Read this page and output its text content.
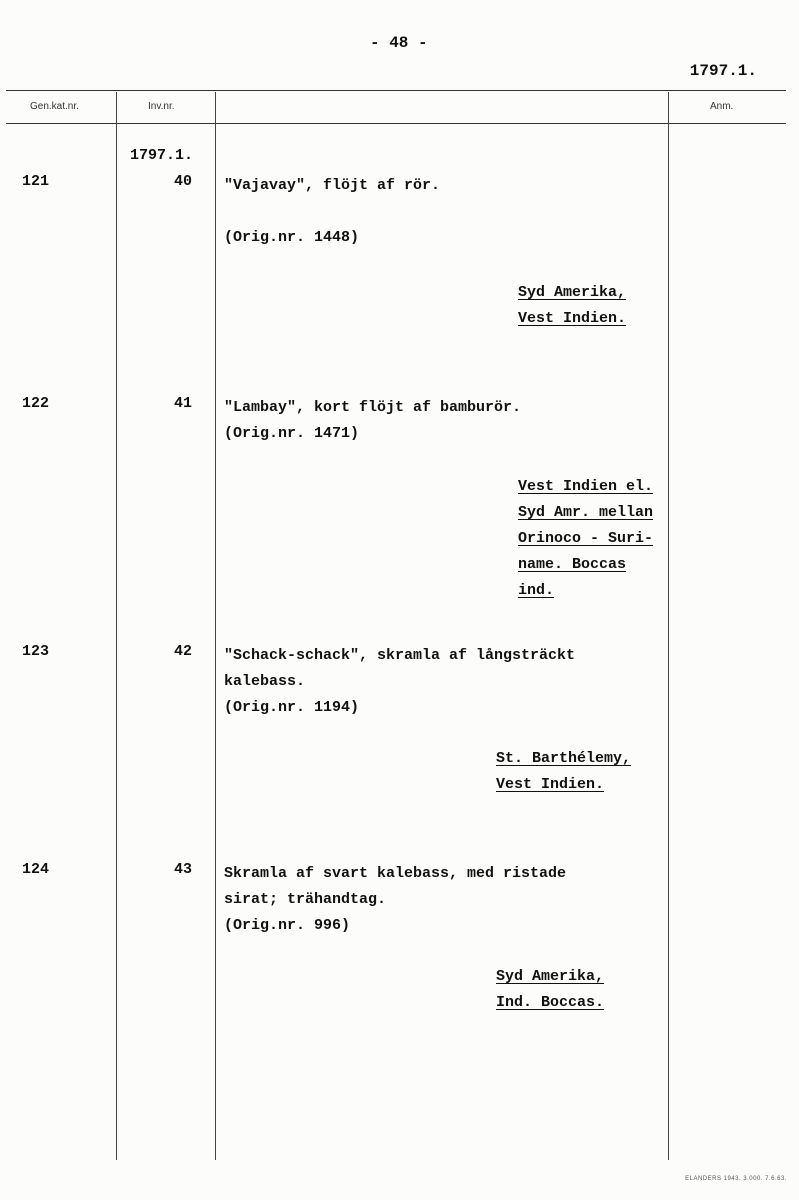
- 48 -
1797.1.
Gen.kat.nr.	Inv.nr.	Anm.
1797.1.
121	40 "Vajavay", flöjt af rör.

(Orig.nr. 1448)
Syd Amerika,
Vest Indien.
122	41 "Lambay", kort flöjt af bamburör.
(Orig.nr. 1471)
Vest Indien el.
Syd Amr. mellan
Orinoco - Suri-
name. Boccas
ind.
123	42 "Schack-schack", skramla af långsträckt
kalebass.
(Orig.nr. 1194)
St. Barthélemy,
Vest Indien.
124	43 Skramla af svart kalebass, med ristade
sirat; trähandtag.
(Orig.nr. 996)
Syd Amerika,
Ind. Boccas.
ELANDERS 1943. 3.000. 7.6.63.
